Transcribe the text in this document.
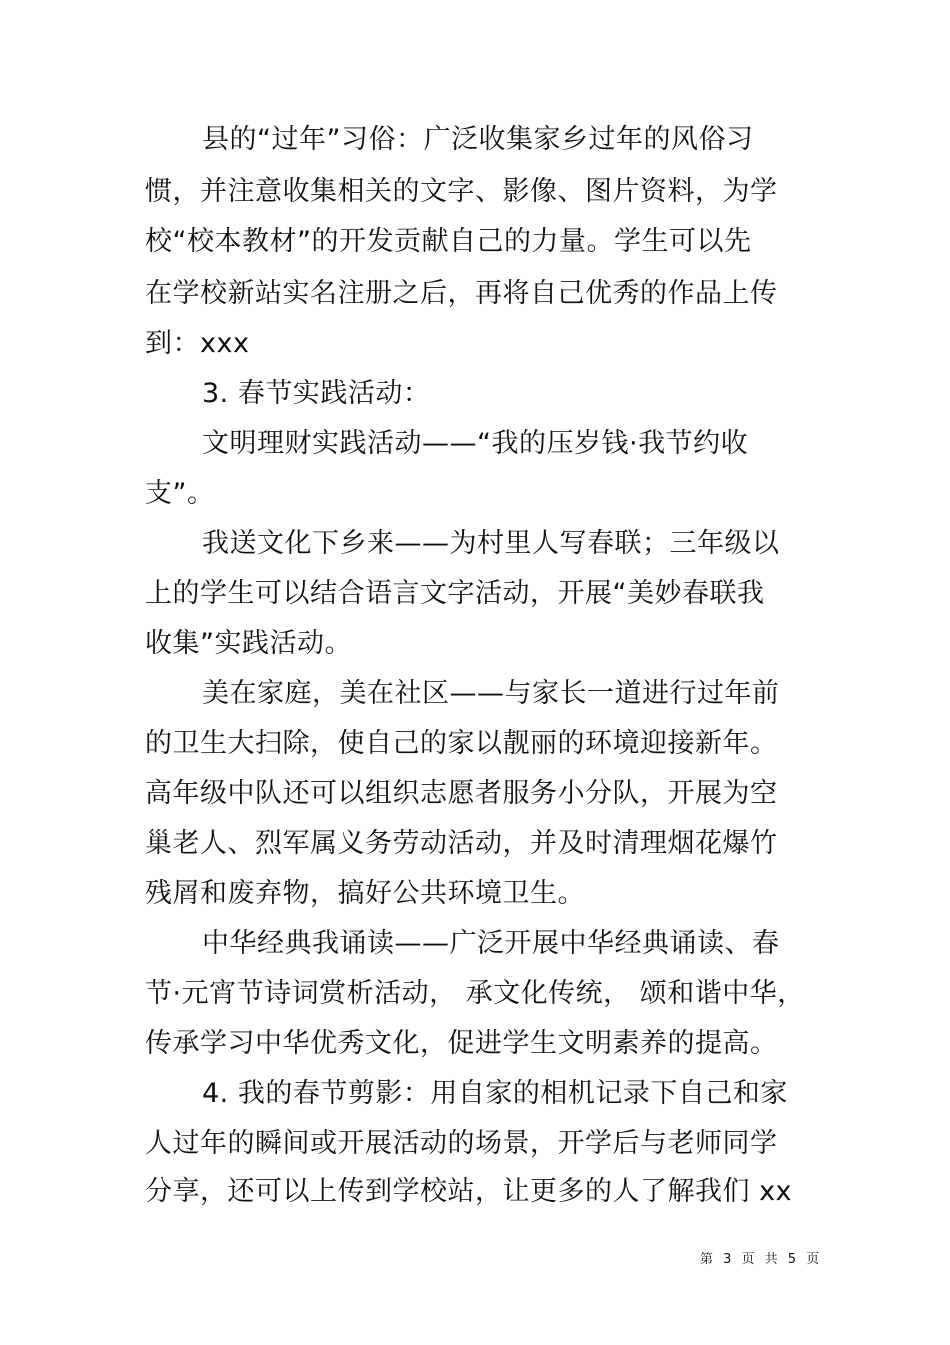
县的“过年”习俗：广泛收集家乡过年的风俗习
惯，并注意收集相关的文字、影像、图片资料，为学
校“校本教材”的开发贡献自己的力量。学生可以先
在学校新站实名注册之后，再将自己优秀的作品上传
到：xxx
3. 春节实践活动：
文明理财实践活动——“我的压岁钱·我节约收
支”。
我送文化下乡来——为村里人写春联；三年级以
上的学生可以结合语言文字活动，开展“美妙春联我
收集”实践活动。
美在家庭，美在社区——与家长一道进行过年前
的卫生大扫除，使自己的家以靓丽的环境迎接新年。
高年级中队还可以组织志愿者服务小分队，开展为空
巢老人、烈军属义务劳动活动，并及时清理烟花爆竹
残屑和废弃物，搞好公共环境卫生。
中华经典我诵读——广泛开展中华经典诵读、春
节·元宵节诗词赏析活动， 承文化传统， 颂和谐中华，
传承学习中华优秀文化，促进学生文明素养的提高。
4. 我的春节剪影：用自家的相机记录下自己和家
人过年的瞬间或开展活动的场景，开学后与老师同学
分享，还可以上传到学校站，让更多的人了解我们 xx
第 3 页 共 5 页
